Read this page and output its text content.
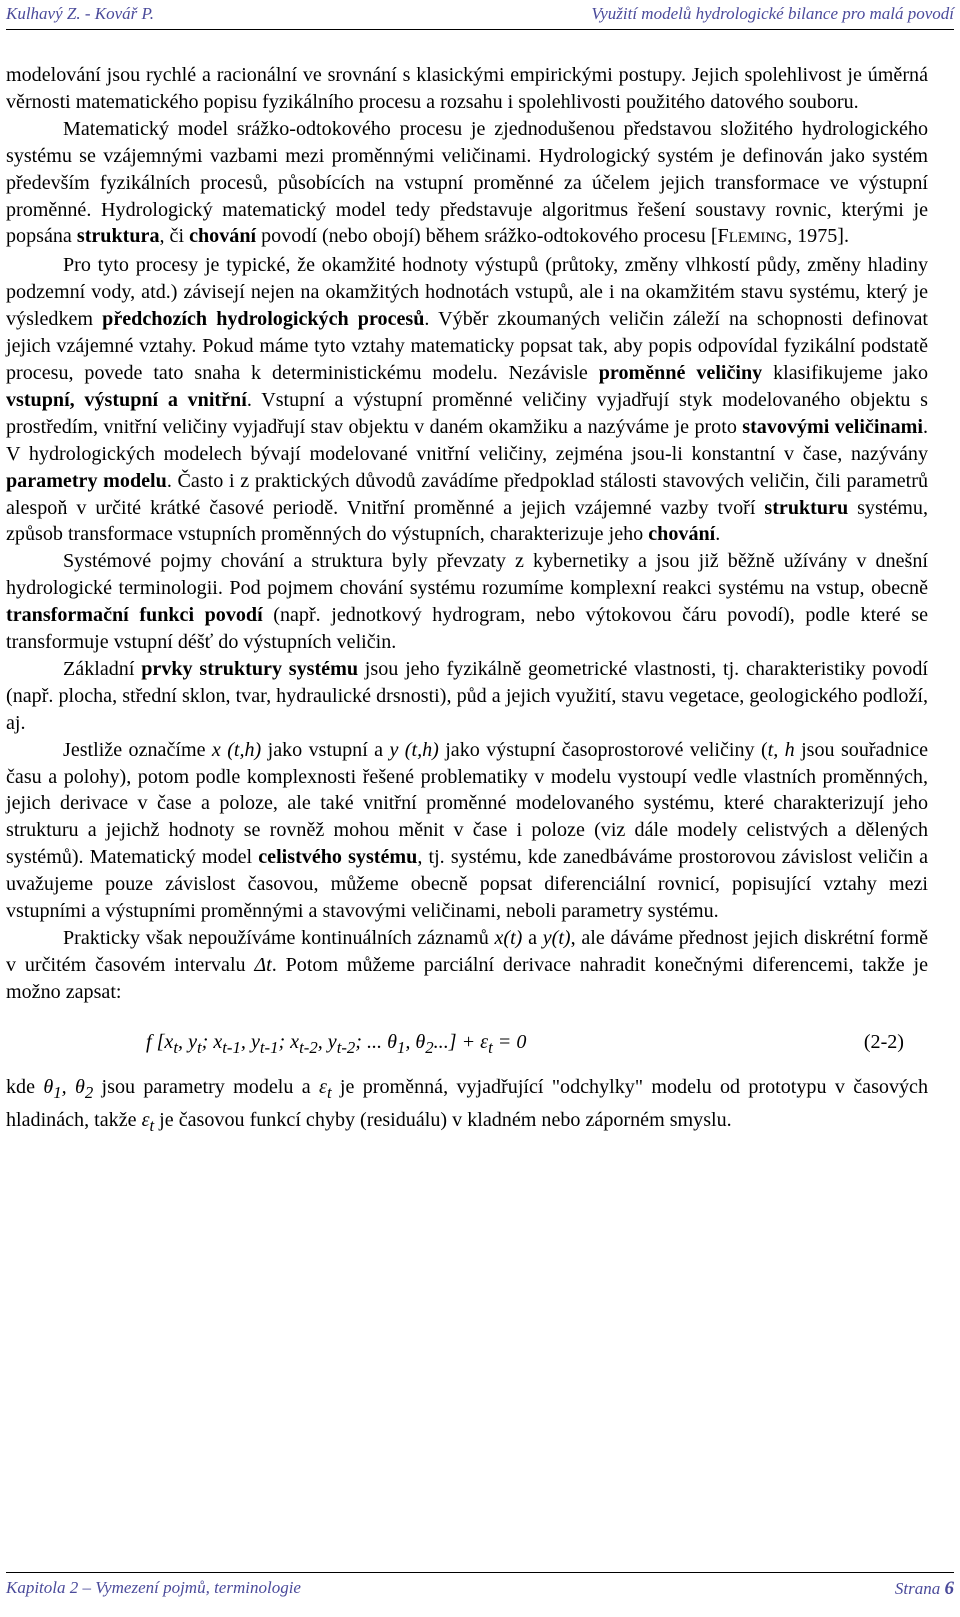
Kulhavý Z. - Kovář P.	Využití modelů hydrologické bilance pro malá povodí

modelování jsou rychlé a racionální ve srovnání s klasickými empirickými postupy. Jejich spolehlivost je úměrná věrnosti matematického popisu fyzikálního procesu a rozsahu i spolehlivosti použitého datového souboru.

Matematický model srážko-odtokového procesu je zjednodušenou představou složitého hydrologického systému se vzájemnými vazbami mezi proměnnými veličinami. Hydrologický systém je definován jako systém především fyzikálních procesů, působících na vstupní proměnné za účelem jejich transformace ve výstupní proměnné. Hydrologický matematický model tedy představuje algoritmus řešení soustavy rovnic, kterými je popsána struktura, či chování povodí (nebo obojí) během srážko-odtokového procesu [FLEMING, 1975].

Pro tyto procesy je typické, že okamžité hodnoty výstupů (průtoky, změny vlhkostí půdy, změny hladiny podzemní vody, atd.) závisejí nejen na okamžitých hodnotách vstupů, ale i na okamžitém stavu systému, který je výsledkem předchozích hydrologických procesů. Výběr zkoumaných veličin záleží na schopnosti definovat jejich vzájemné vztahy. Pokud máme tyto vztahy matematicky popsat tak, aby popis odpovídal fyzikální podstatě procesu, povede tato snaha k deterministickému modelu. Nezávisle proměnné veličiny klasifikujeme jako vstupní, výstupní a vnitřní. Vstupní a výstupní proměnné veličiny vyjadřují styk modelovaného objektu s prostředím, vnitřní veličiny vyjadřují stav objektu v daném okamžiku a nazýváme je proto stavovými veličinami. V hydrologických modelech bývají modelované vnitřní veličiny, zejména jsou-li konstantní v čase, nazývány parametry modelu. Často i z praktických důvodů zavádíme předpoklad stálosti stavových veličin, čili parametrů alespoň v určité krátké časové periodě. Vnitřní proměnné a jejich vzájemné vazby tvoří strukturu systému, způsob transformace vstupních proměnných do výstupních, charakterizuje jeho chování.

Systémové pojmy chování a struktura byly převzaty z kybernetiky a jsou již běžně užívány v dnešní hydrologické terminologii. Pod pojmem chování systému rozumíme komplexní reakci systému na vstup, obecně transformační funkci povodí (např. jednotkový hydrogram, nebo výtokovou čáru povodí), podle které se transformuje vstupní déšť do výstupních veličin.

Základní prvky struktury systému jsou jeho fyzikálně geometrické vlastnosti, tj. charakteristiky povodí (např. plocha, střední sklon, tvar, hydraulické drsnosti), půd a jejich využití, stavu vegetace, geologického podloží, aj.

Jestliže označíme x (t,h) jako vstupní a y (t,h) jako výstupní časoprostorové veličiny (t, h jsou souřadnice času a polohy), potom podle komplexnosti řešené problematiky v modelu vystoupí vedle vlastních proměnných, jejich derivace v čase a poloze, ale také vnitřní proměnné modelovaného systému, které charakterizují jeho strukturu a jejichž hodnoty se rovněž mohou měnit v čase i poloze (viz dále modely celistvých a dělených systémů). Matematický model celistvého systému, tj. systému, kde zanedbáváme prostorovou závislost veličin a uvažujeme pouze závislost časovou, můžeme obecně popsat diferenciální rovnicí, popisující vztahy mezi vstupními a výstupními proměnnými a stavovými veličinami, neboli parametry systému.

Prakticky však nepoužíváme kontinuálních záznamů x(t) a y(t), ale dáváme přednost jejich diskrétní formě v určitém časovém intervalu Δt. Potom můžeme parciální derivace nahradit konečnými diferencemi, takže je možno zapsat:

f [$x_t$, $y_t$; $x_{t-1}$, $y_{t-1}$; $x_{t-2}$, $y_{t-2}$; ... $\theta_1$, $\theta_2...] + \varepsilon_t = 0$	(2-2)

kde $\theta_1$, $\theta_2$ jsou parametry modelu a $\varepsilon_t$ je proměnná, vyjadřující "odchylky" modelu od prototypu v časových hladinách, takže $\varepsilon_t$ je časovou funkcí chyby (residuálu) v kladném nebo záporném smyslu.

Kapitola 2 – Vymezení pojmů, terminologie	Strana 6
